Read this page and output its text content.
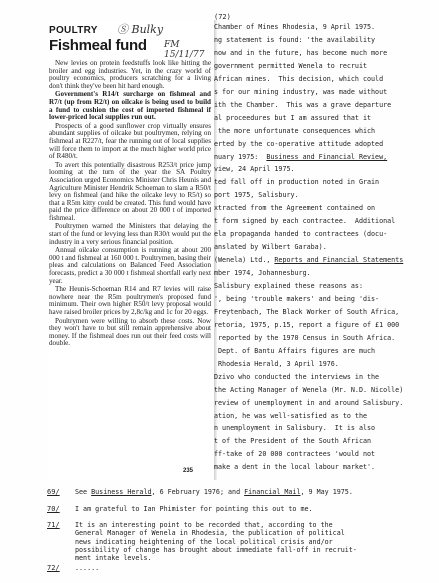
POULTRY
Fishmeal fund
Ⓢ Bulky
FM 15/11/77

New levies on protein feedstuffs look like hitting the broiler and egg industries. Yet, in the crazy world of poultry economics, producers scratching for a living don't think they've been hit hard enough.

Government's R14/t surcharge on fishmeal and R7/t (up from R2/t) on oilcake is being used to build a fund to cushion the cost of imported fishmeal if lower-priced local supplies run out.

Prospects of a good sunflower crop virtually ensures abundant supplies of oilcake but poultrymen, relying on fishmeal at R227/t, fear the running out of local supplies will force them to import at the much higher world price of R480/t.

To avert this potentially disastrous R253/t price jump looming at the turn of the year the SA Poultry Association urged Economics Minister Chris Heunis and Agriculture Minister Hendrik Schoeman to slam a R50/t levy on fishmeal (and hike the oilcake levy to R5/t) so that a R5m kitty could be created. This fund would have paid the price difference on about 20 000 t of imported fishmeal.

Poultrymen warned the Ministers that delaying the start of the fund or levying less than R30/t would put the industry in a very serious financial position.

Annual oilcake consumption is running at about 200 000 t and fishmeal at 160 000 t. Poultrymen, basing their pleas and calculations on Balanced Feed Association forecasts, predict a 30 000 t fishmeal shortfall early next year.

The Heunis-Schoeman R14 and R7 levies will raise nowhere near the R5m poultrymen's proposed fund minimum. Their own higher R50/t levy proposal would have raised broiler prices by 2,8c/kg and 1c for 20 eggs.

Poultrymen were willing to absorb these costs. Now they won't have to but still remain apprehensive about money. If the fishmeal does run out their feed costs will double.

235
(72)
Chamber of Mines Rhodesia, 9 April 1975.
ng statement is found: 'the availability
now and in the future, has become much more
government permitted Wenela to recruit
African mines.  This decision, which could
s for our mining industry, was made without
ith the Chamber.  This was a grave departure
al proceedures but I am assured that it
the more unfortunate consequences which
erted by the co-operative attitude adopted
nuary 1975:  Business and Financial Review,
view, 24 April 1975.
ted fall off in production noted in Grain
port 1975, Salisbury.
xtracted from the Agreement contained on
t form signed by each contractee.  Additional
ela propaganda handed to contractees (docu-
anslated by Wilbert Garaba).
(Wenela) Ltd., Reports and Financial Statements
mber 1974, Johannesburg.
Salisbury explained these reasons as:
', being 'trouble makers' and being 'dis-
Freytenbach, The Black Worker of South Africa,
retoria, 1975, p.15, report a figure of £1 000
reported by the 1970 Census in South Africa.
Dept. of Bantu Affairs figures are much
Rhodesia Herald, 3 April 1976.
Dzivo who conducted the interviews in the
the Acting Manager of Wenela (Mr. N.D. Nicolle)
review of unemployment in and around Salisbury.
ation, he was well-satisfied as to the
n unemployment in Salisbury.  It is also
t of the President of the South African
ff-take of 20 000 contractees 'would not
make a dent in the local labour market'.
69/ See Business Herald, 6 February 1976; and Financial Mail, 9 May 1975.
70/ I am grateful to Ian Phimister for pointing this out to me.
71/ It is an interesting point to be recorded that, according to the
General Manager of Wenela in Rhodesia, the publication of political
news indicating heightening of the local political crisis and/or
possibility of change has brought about immediate fall-off in recruit-
ment intake levels.
72/ ......
